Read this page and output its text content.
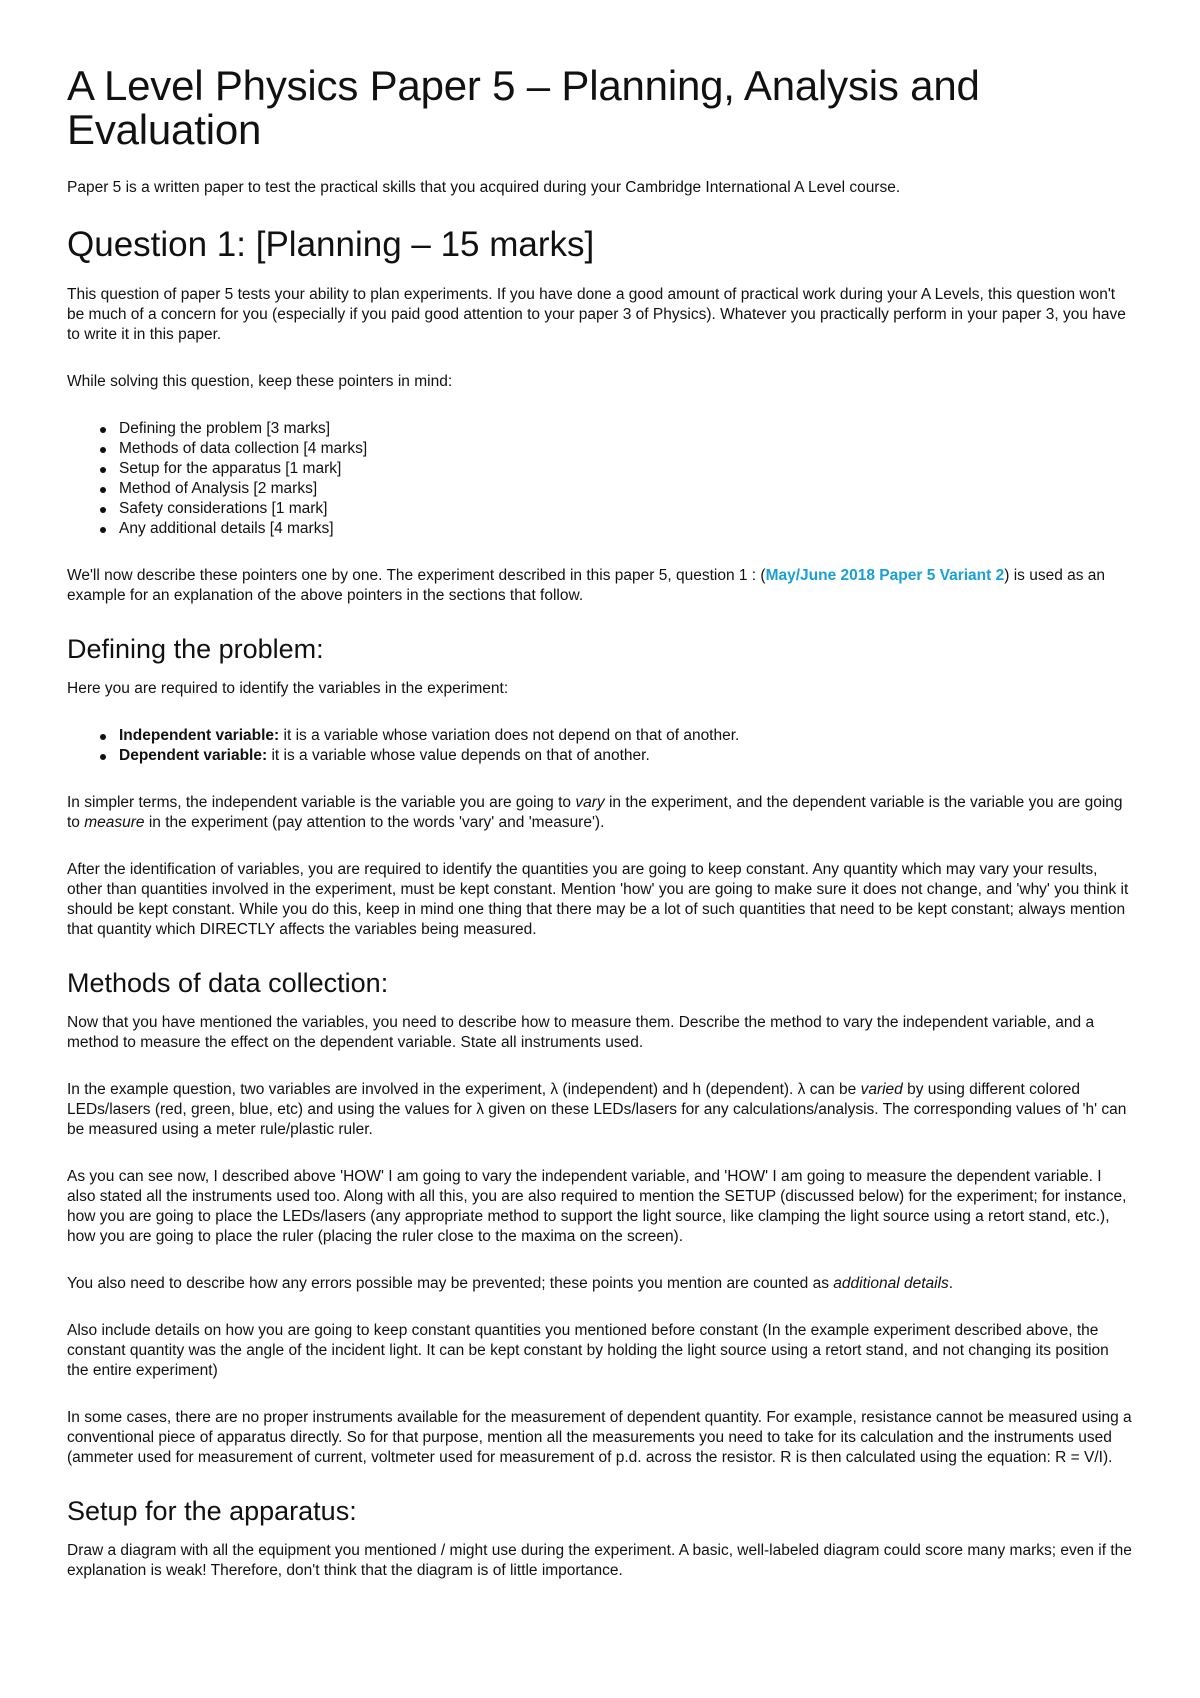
A Level Physics Paper 5 – Planning, Analysis and Evaluation

Paper 5 is a written paper to test the practical skills that you acquired during your Cambridge International A Level course.

Question 1: [Planning – 15 marks]

This question of paper 5 tests your ability to plan experiments. If you have done a good amount of practical work during your A Levels, this question won't be much of a concern for you (especially if you paid good attention to your paper 3 of Physics). Whatever you practically perform in your paper 3, you have to write it in this paper.

While solving this question, keep these pointers in mind:

Defining the problem [3 marks]
Methods of data collection [4 marks]
Setup for the apparatus [1 mark]
Method of Analysis [2 marks]
Safety considerations [1 mark]
Any additional details [4 marks]

We'll now describe these pointers one by one. The experiment described in this paper 5, question 1 : (May/June 2018 Paper 5 Variant 2) is used as an example for an explanation of the above pointers in the sections that follow.

Defining the problem:

Here you are required to identify the variables in the experiment:

Independent variable: it is a variable whose variation does not depend on that of another.
Dependent variable: it is a variable whose value depends on that of another.

In simpler terms, the independent variable is the variable you are going to vary in the experiment, and the dependent variable is the variable you are going to measure in the experiment (pay attention to the words 'vary' and 'measure').

After the identification of variables, you are required to identify the quantities you are going to keep constant. Any quantity which may vary your results, other than quantities involved in the experiment, must be kept constant. Mention 'how' you are going to make sure it does not change, and 'why' you think it should be kept constant. While you do this, keep in mind one thing that there may be a lot of such quantities that need to be kept constant; always mention that quantity which DIRECTLY affects the variables being measured.

Methods of data collection:

Now that you have mentioned the variables, you need to describe how to measure them. Describe the method to vary the independent variable, and a method to measure the effect on the dependent variable. State all instruments used.

In the example question, two variables are involved in the experiment, λ (independent) and h (dependent). λ can be varied by using different colored LEDs/lasers (red, green, blue, etc) and using the values for λ given on these LEDs/lasers for any calculations/analysis. The corresponding values of 'h' can be measured using a meter rule/plastic ruler.

As you can see now, I described above 'HOW' I am going to vary the independent variable, and 'HOW' I am going to measure the dependent variable. I also stated all the instruments used too. Along with all this, you are also required to mention the SETUP (discussed below) for the experiment; for instance, how you are going to place the LEDs/lasers (any appropriate method to support the light source, like clamping the light source using a retort stand, etc.), how you are going to place the ruler (placing the ruler close to the maxima on the screen).

You also need to describe how any errors possible may be prevented; these points you mention are counted as additional details.

Also include details on how you are going to keep constant quantities you mentioned before constant (In the example experiment described above, the constant quantity was the angle of the incident light. It can be kept constant by holding the light source using a retort stand, and not changing its position the entire experiment)

In some cases, there are no proper instruments available for the measurement of dependent quantity. For example, resistance cannot be measured using a conventional piece of apparatus directly. So for that purpose, mention all the measurements you need to take for its calculation and the instruments used (ammeter used for measurement of current, voltmeter used for measurement of p.d. across the resistor. R is then calculated using the equation: R = V/I).

Setup for the apparatus:

Draw a diagram with all the equipment you mentioned / might use during the experiment. A basic, well-labeled diagram could score many marks; even if the explanation is weak! Therefore, don't think that the diagram is of little importance.
